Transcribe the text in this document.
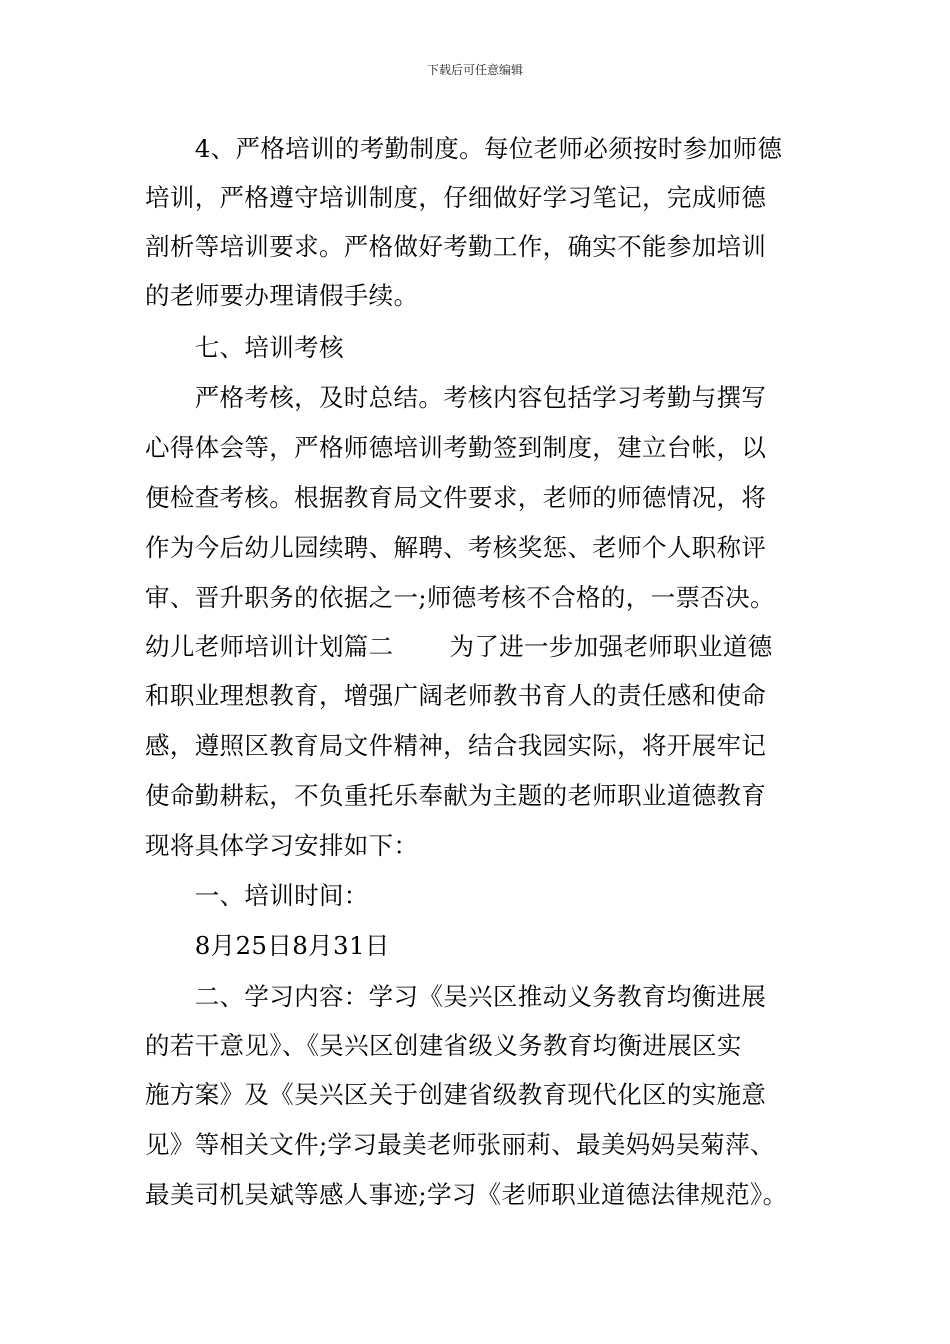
下载后可任意编辑
　　4、严格培训的考勤制度。每位老师必须按时参加师德
培训，严格遵守培训制度，仔细做好学习笔记，完成师德
剖析等培训要求。严格做好考勤工作，确实不能参加培训
的老师要办理请假手续。
　　七、培训考核
　　严格考核，及时总结。考核内容包括学习考勤与撰写
心得体会等，严格师德培训考勤签到制度，建立台帐，以
便检查考核。根据教育局文件要求，老师的师德情况，将
作为今后幼儿园续聘、解聘、考核奖惩、老师个人职称评
审、晋升职务的依据之一;师德考核不合格的，一票否决。
幼儿老师培训计划篇二 为了进一步加强老师职业道德
和职业理想教育，增强广阔老师教书育人的责任感和使命
感，遵照区教育局文件精神，结合我园实际，将开展牢记
使命勤耕耘，不负重托乐奉献为主题的老师职业道德教育
现将具体学习安排如下：
　　一、培训时间：
　　8月25日8月31日
　　二、学习内容：学习《吴兴区推动义务教育均衡进展
的若干意见》、《吴兴区创建省级义务教育均衡进展区实
施方案》及《吴兴区关于创建省级教育现代化区的实施意
见》等相关文件;学习最美老师张丽莉、最美妈妈吴菊萍、
最美司机吴斌等感人事迹;学习《老师职业道德法律规范》。
